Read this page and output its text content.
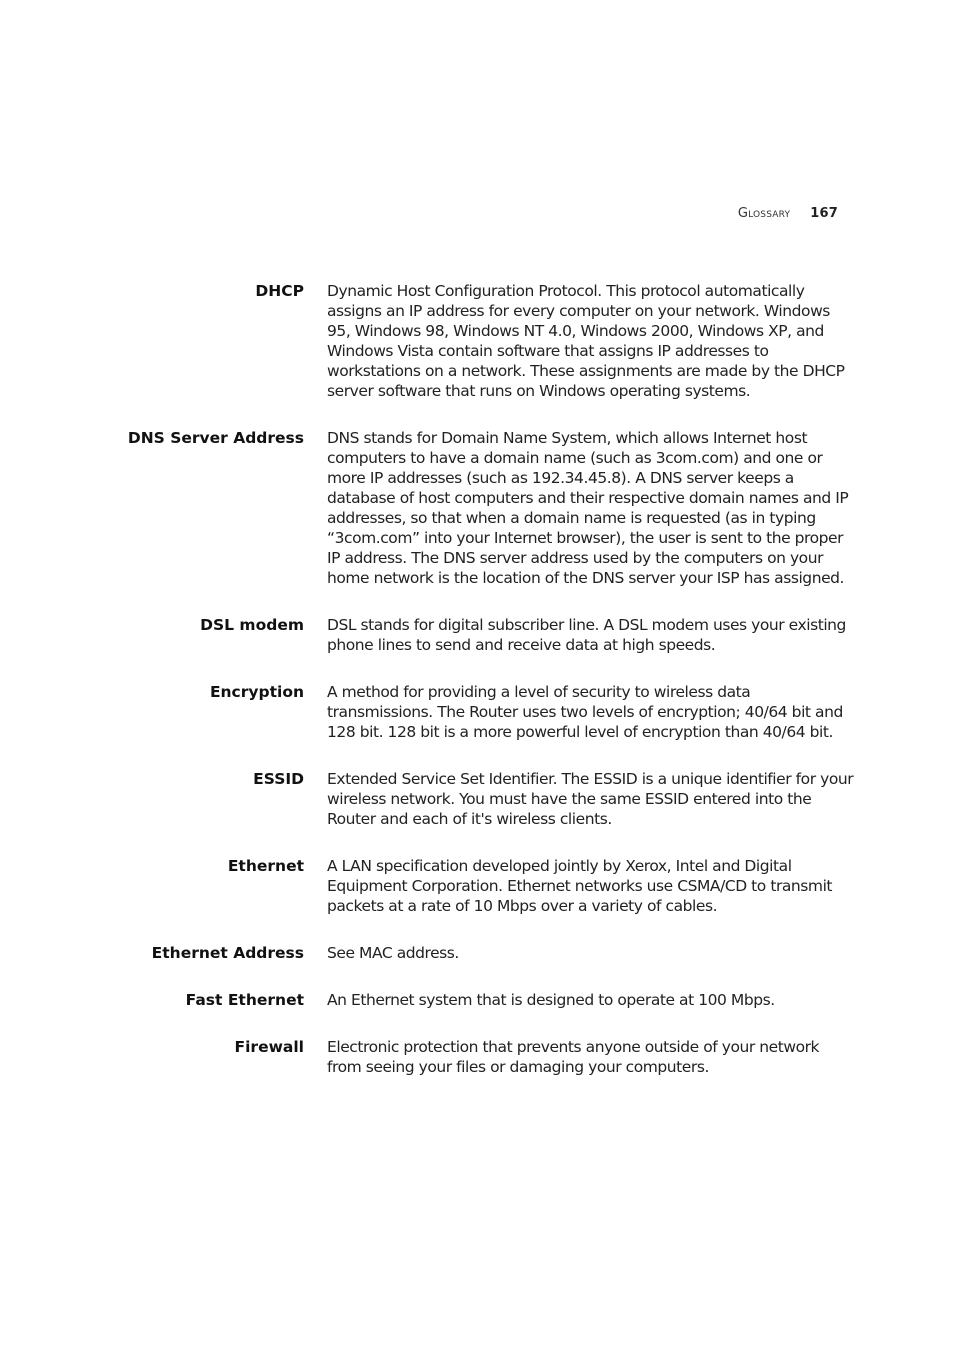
Glossary 167
DHCP Dynamic Host Configuration Protocol. This protocol automatically assigns an IP address for every computer on your network. Windows 95, Windows 98, Windows NT 4.0, Windows 2000, Windows XP, and Windows Vista contain software that assigns IP addresses to workstations on a network. These assignments are made by the DHCP server software that runs on Windows operating systems.
DNS Server Address DNS stands for Domain Name System, which allows Internet host computers to have a domain name (such as 3com.com) and one or more IP addresses (such as 192.34.45.8). A DNS server keeps a database of host computers and their respective domain names and IP addresses, so that when a domain name is requested (as in typing “3com.com” into your Internet browser), the user is sent to the proper IP address. The DNS server address used by the computers on your home network is the location of the DNS server your ISP has assigned.
DSL modem DSL stands for digital subscriber line. A DSL modem uses your existing phone lines to send and receive data at high speeds.
Encryption A method for providing a level of security to wireless data transmissions. The Router uses two levels of encryption; 40/64 bit and 128 bit. 128 bit is a more powerful level of encryption than 40/64 bit.
ESSID Extended Service Set Identifier. The ESSID is a unique identifier for your wireless network. You must have the same ESSID entered into the Router and each of it's wireless clients.
Ethernet A LAN specification developed jointly by Xerox, Intel and Digital Equipment Corporation. Ethernet networks use CSMA/CD to transmit packets at a rate of 10 Mbps over a variety of cables.
Ethernet Address See MAC address.
Fast Ethernet An Ethernet system that is designed to operate at 100 Mbps.
Firewall Electronic protection that prevents anyone outside of your network from seeing your files or damaging your computers.
